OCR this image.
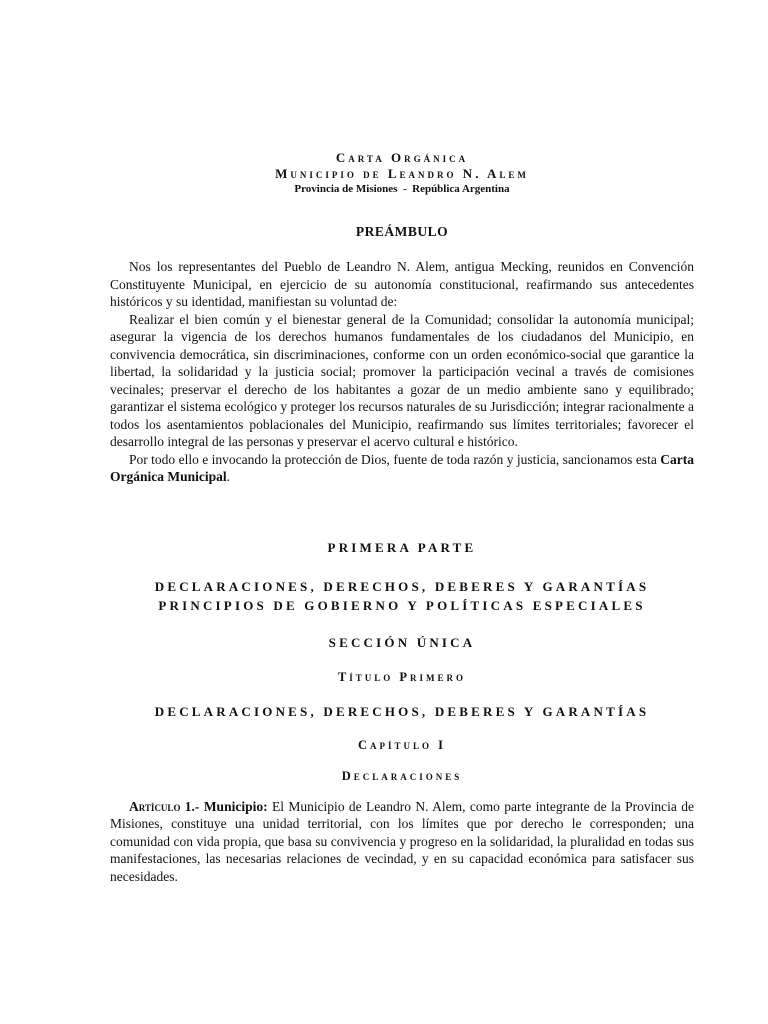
Carta Orgánica

Municipio de Leandro N. Alem

Provincia de Misiones - República Argentina

PREÁMBULO

Nos los representantes del Pueblo de Leandro N. Alem, antigua Mecking, reunidos en Convención Constituyente Municipal, en ejercicio de su autonomía constitucional, reafirmando sus antecedentes históricos y su identidad, manifiestan su voluntad de:

Realizar el bien común y el bienestar general de la Comunidad; consolidar la autonomía municipal; asegurar la vigencia de los derechos humanos fundamentales de los ciudadanos del Municipio, en convivencia democrática, sin discriminaciones, conforme con un orden económico-social que garantice la libertad, la solidaridad y la justicia social; promover la participación vecinal a través de comisiones vecinales; preservar el derecho de los habitantes a gozar de un medio ambiente sano y equilibrado; garantizar el sistema ecológico y proteger los recursos naturales de su Jurisdicción; integrar racionalmente a todos los asentamientos poblacionales del Municipio, reafirmando sus límites territoriales; favorecer el desarrollo integral de las personas y preservar el acervo cultural e histórico.

Por todo ello e invocando la protección de Dios, fuente de toda razón y justicia, sancionamos esta Carta Orgánica Municipal.

PRIMERA PARTE

DECLARACIONES, DERECHOS, DEBERES Y GARANTÍAS

PRINCIPIOS DE GOBIERNO Y POLÍTICAS ESPECIALES

SECCIÓN ÚNICA

Título Primero

DECLARACIONES, DERECHOS, DEBERES Y GARANTÍAS

Capítulo I

Declaraciones

Artículo 1.- Municipio: El Municipio de Leandro N. Alem, como parte integrante de la Provincia de Misiones, constituye una unidad territorial, con los límites que por derecho le corresponden; una comunidad con vida propia, que basa su convivencia y progreso en la solidaridad, la pluralidad en todas sus manifestaciones, las necesarias relaciones de vecindad, y en su capacidad económica para satisfacer sus necesidades.
